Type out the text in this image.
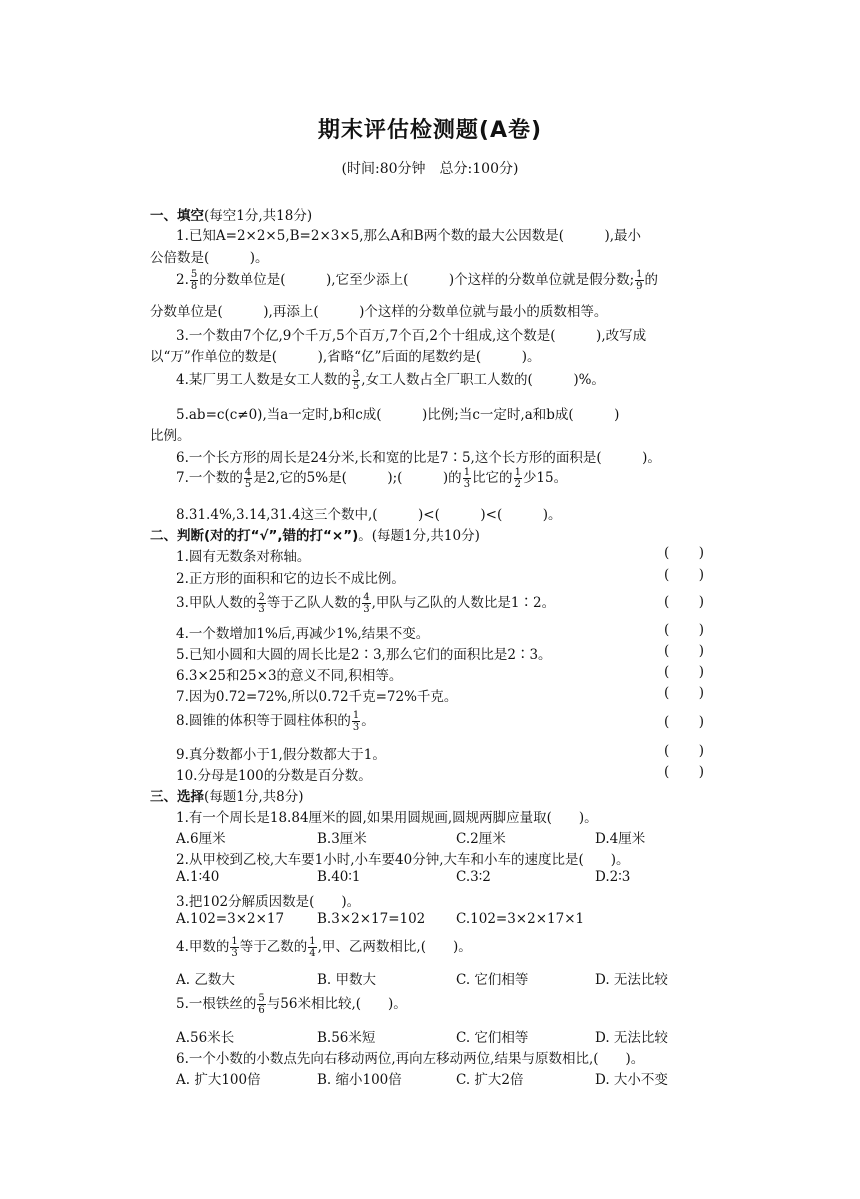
期末评估检测题(A卷)
(时间:80分钟　总分:100分)
一、填空(每空1分,共18分)
1.已知A=2×2×5,B=2×3×5,那么A和B两个数的最大公因数是(　　　),最小
公倍数是(　　　)。
2. $\frac{5}{8}$ 的分数单位是(　　　),它至少添上(　　　)个这样的分数单位就是假分数; $\frac{1}{9}$ 的
分数单位是(　　　),再添上(　　　)个这样的分数单位就与最小的质数相等。
3.一个数由7个亿,9个千万,5个百万,7个百,2个十组成,这个数是(　　　),改写成
以“万”作单位的数是(　　　),省略“亿”后面的尾数约是(　　　)。
4.某厂男工人数是女工人数的 $\frac{3}{5}$ ,女工人数占全厂职工人数的(　　　)%。
5.ab=c(c≠0),当a一定时,b和c成(　　　)比例;当c一定时,a和b成(　　　)
比例。
6.一个长方形的周长是24分米,长和宽的比是7∶5,这个长方形的面积是(　　　)。
7.一个数的 $\frac{4}{5}$ 是2,它的5%是(　　　);(　　　)的 $\frac{1}{3}$ 比它的 $\frac{1}{2}$ 少15。
8.31.4%,3.14,31.4这三个数中,(　　　)<(　　　)<(　　　)。
二、判断(对的打“√”,错的打“×”)。(每题1分,共10分)
1.圆有无数条对称轴。	( )
2.正方形的面积和它的边长不成比例。	( )
3.甲队人数的 $\frac{2}{3}$ 等于乙队人数的 $\frac{4}{3}$ ,甲队与乙队的人数比是1∶2。	( )
4.一个数增加1%后,再减少1%,结果不变。	( )
5.已知小圆和大圆的周长比是2∶3,那么它们的面积比是2∶3。	( )
6.3×25和25×3的意义不同,积相等。	( )
7.因为0.72=72%,所以0.72千克=72%千克。	( )
8.圆锥的体积等于圆柱体积的 $\frac{1}{3}$ 。	( )
9.真分数都小于1,假分数都大于1。	( )
10.分母是100的分数是百分数。	( )
三、选择(每题1分,共8分)
1.有一个周长是18.84厘米的圆,如果用圆规画,圆规两脚应量取(　　)。
A.6厘米	B.3厘米	C.2厘米	D.4厘米
2.从甲校到乙校,大车要1小时,小车要40分钟,大车和小车的速度比是(　　)。
A.1∶40	B.40∶1	C.3∶2	D.2∶3
3.把102分解质因数是(　　)。
A.102=3×2×17 B.3×2×17=102 C.102=3×2×17×1
4.甲数的 $\frac{1}{3}$ 等于乙数的 $\frac{1}{4}$ ,甲、乙两数相比,(　　)。
A. 乙数大	B. 甲数大	C. 它们相等	D. 无法比较
5.一根铁丝的 $\frac{5}{6}$ 与56米相比较,(　　)。
A.56米长	B.56米短	C. 它们相等	D. 无法比较
6.一个小数的小数点先向右移动两位,再向左移动两位,结果与原数相比,(　　)。
A. 扩大100倍	B. 缩小100倍	C. 扩大2倍	D. 大小不变
